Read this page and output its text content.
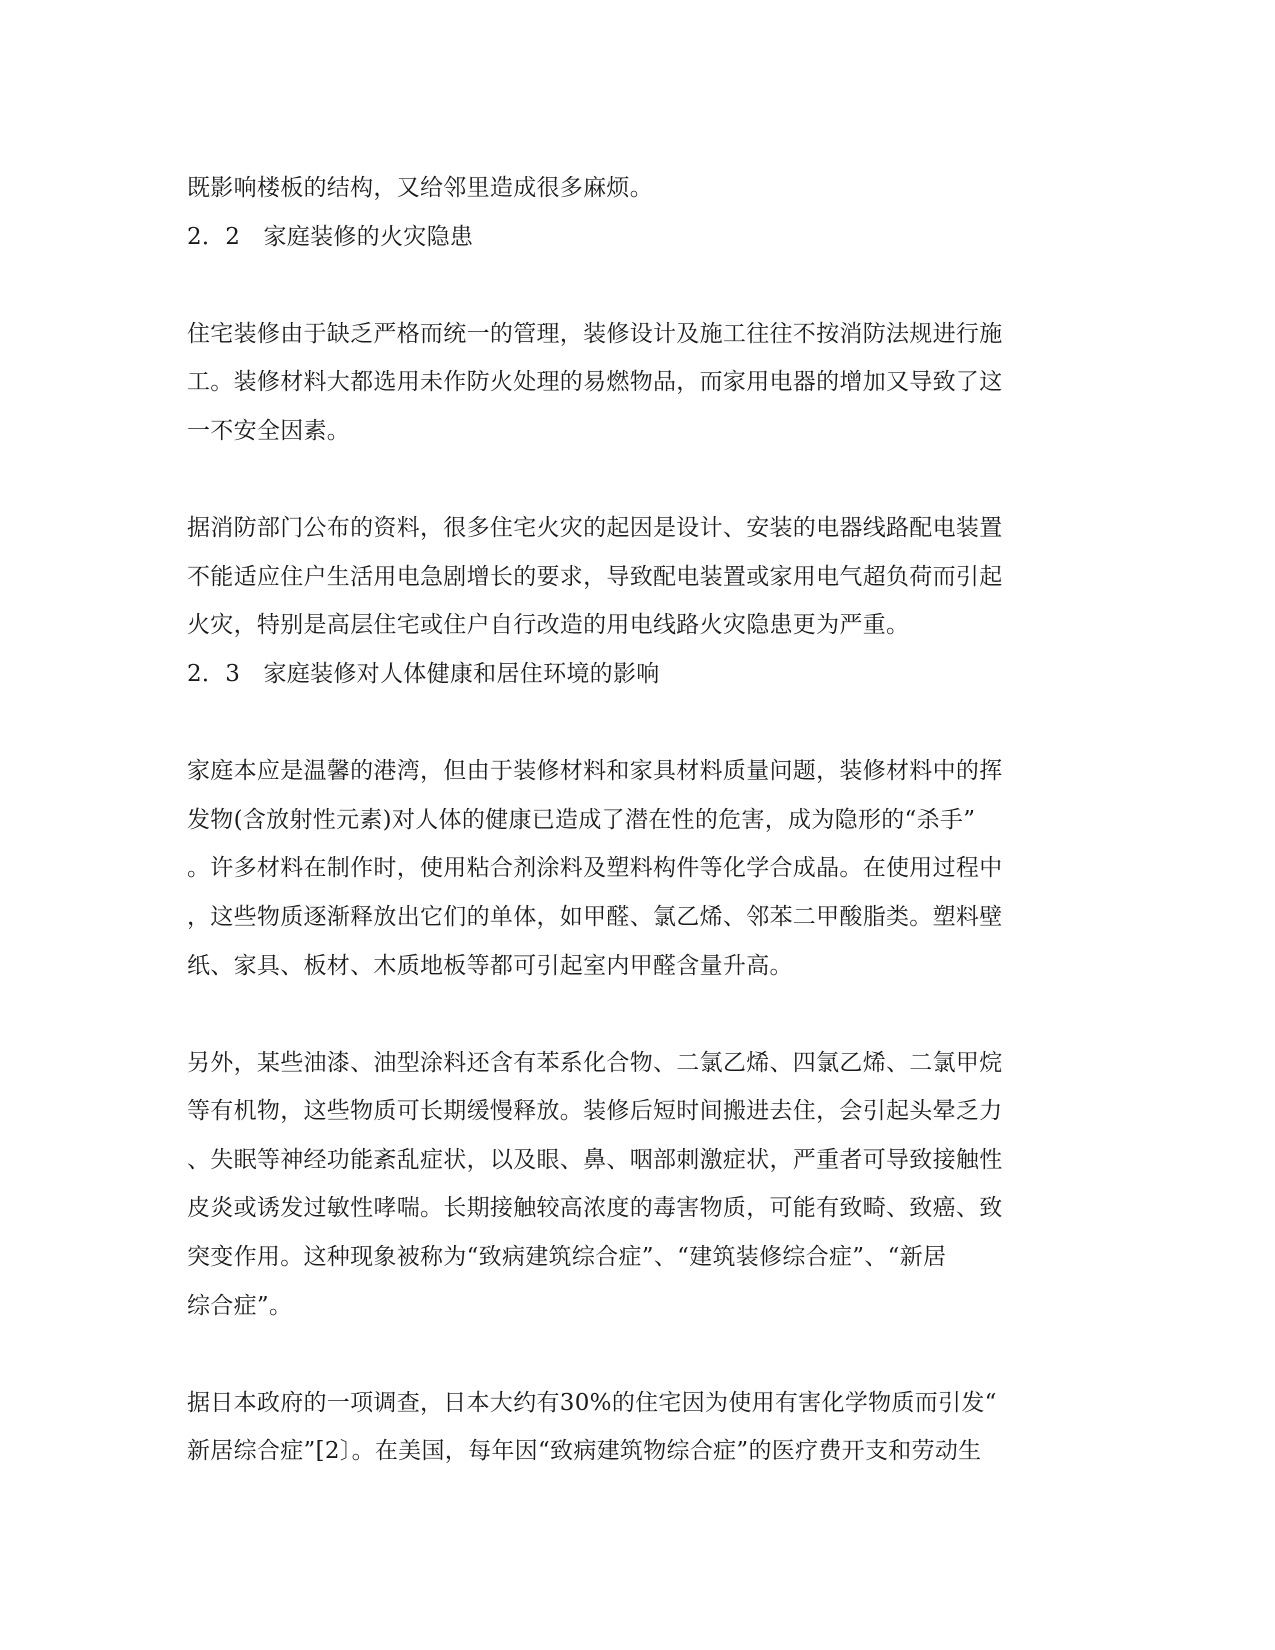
既影响楼板的结构，又给邻里造成很多麻烦。
2．2　家庭装修的火灾隐患
住宅装修由于缺乏严格而统一的管理，装修设计及施工往往不按消防法规进行施
工。装修材料大都选用未作防火处理的易燃物品，而家用电器的增加又导致了这
一不安全因素。
据消防部门公布的资料，很多住宅火灾的起因是设计、安装的电器线路配电装置
不能适应住户生活用电急剧增长的要求，导致配电装置或家用电气超负荷而引起
火灾，特别是高层住宅或住户自行改造的用电线路火灾隐患更为严重。
2．3　家庭装修对人体健康和居住环境的影响
家庭本应是温馨的港湾，但由于装修材料和家具材料质量问题，装修材料中的挥
发物(含放射性元素)对人体的健康已造成了潜在性的危害，成为隐形的“杀手”
。许多材料在制作时，使用粘合剂涂料及塑料构件等化学合成晶。在使用过程中
，这些物质逐渐释放出它们的单体，如甲醛、氯乙烯、邻苯二甲酸脂类。塑料壁
纸、家具、板材、木质地板等都可引起室内甲醛含量升高。
另外，某些油漆、油型涂料还含有苯系化合物、二氯乙烯、四氯乙烯、二氯甲烷
等有机物，这些物质可长期缓慢释放。装修后短时间搬进去住，会引起头晕乏力
、失眠等神经功能紊乱症状，以及眼、鼻、咽部刺激症状，严重者可导致接触性
皮炎或诱发过敏性哮喘。长期接触较高浓度的毒害物质，可能有致畸、致癌、致
突变作用。这种现象被称为“致病建筑综合症”、“建筑装修综合症”、“新居
综合症”。
据日本政府的一项调查，日本大约有30%的住宅因为使用有害化学物质而引发“
新居综合症”[2〕。在美国，每年因“致病建筑物综合症”的医疗费开支和劳动生
